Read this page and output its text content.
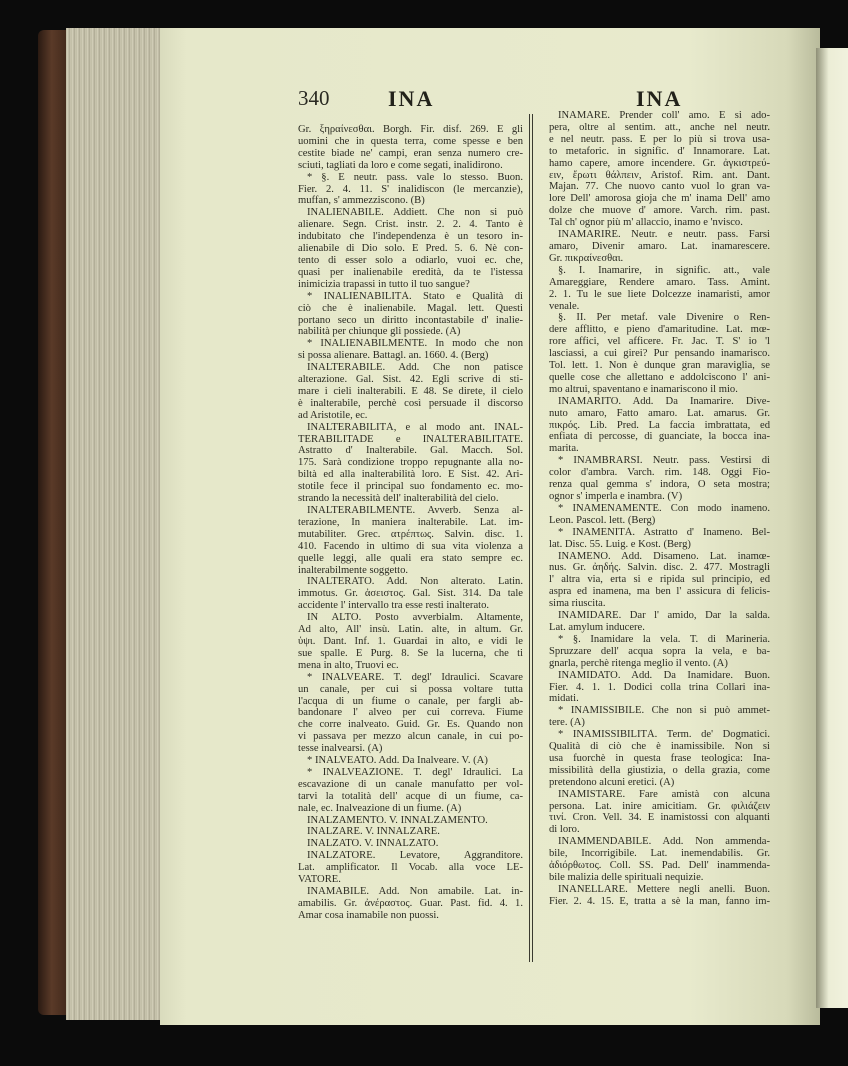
340	INA	INA
Gr. ξηραίνεσθαι. Borgh. Fir. disf. 269. E gli
uomini che in questa terra, come spesse e ben
cestite biade ne' campi, eran senza numero cre-
sciuti, tagliati da loro e come segati, inalidirono.
* §. E neutr. pass. vale lo stesso. Buon.
Fier. 2. 4. 11. S' inalidiscon (le mercanzie),
muffan, s' ammezziscono. (B)
INALIENABILE. Addiett. Che non si può
alienare. Segn. Crist. instr. 2. 2. 4. Tanto è
indubitato che l'independenza è un tesoro in-
alienabile di Dio solo. E Pred. 5. 6. Nè con-
tento di esser solo a odiarlo, vuoi ec. che,
quasi per inalienabile eredità, da te l'istessa
inimicizia trapassi in tutto il tuo sangue?
* INALIENABILITÀ. Stato e Qualità di
ciò che è inalienabile. Magal. lett. Questi
portano seco un diritto incontastabile d' inalie-
nabilità per chiunque gli possiede. (A)
* INALIENABILMENTE. In modo che non
si possa alienare. Battagl. an. 1660. 4. (Berg)
INALTERABILE. Add. Che non patisce
alterazione. Gal. Sist. 42. Egli scrive di sti-
mare i cieli inalterabili. E 48. Se direte, il cielo
è inalterabile, perchè così persuade il discorso
ad Aristotile, ec.
INALTERABILITÀ, e al modo ant. INAL-
TERABILITADE e INALTERABILITATE.
Astratto d' Inalterabile. Gal. Macch. Sol.
175. Sarà condizione troppo repugnante alla no-
biltà ed alla inalterabilità loro. E Sist. 42. Ari-
stotile fece il principal suo fondamento ec. mo-
strando la necessità dell' inalterabilità del cielo.
INALTERABILMENTE. Avverb. Senza al-
terazione, In maniera inalterabile. Lat. im-
mutabiliter. Grec. ατρέπτως. Salvin. disc. 1.
410. Facendo in ultimo di sua vita violenza a
quelle leggi, alle quali era stato sempre ec.
inalterabilmente soggetto.
INALTERATO. Add. Non alterato. Latin.
immotus. Gr. ἀσειστος. Gal. Sist. 314. Da tale
accidente l' intervallo tra esse resti inalterato.
IN ALTO. Posto avverbialm. Altamente,
Ad alto, All' insù. Latin. alte, in altum. Gr.
ὑψι. Dant. Inf. 1. Guardai in alto, e vidi le
sue spalle. E Purg. 8. Se la lucerna, che ti
mena in alto, Truovi ec.
* INALVEARE. T. degl' Idraulici. Scavare
un canale, per cui si possa voltare tutta
l'acqua di un fiume o canale, per fargli ab-
bandonare l' alveo per cui correva. Fiume
che corre inalveato. Guid. Gr. Es. Quando non
vi passava per mezzo alcun canale, in cui po-
tesse inalvearsi. (A)
* INALVEATO. Add. Da Inalveare. V. (A)
* INALVEAZIONE. T. degl' Idraulici. La
escavazione di un canale manufatto per vol-
tarvi la totalità dell' acque di un fiume, ca-
nale, ec. Inalveazione di un fiume. (A)
INALZAMENTO. V. INNALZAMENTO.
INALZARE. V. INNALZARE.
INALZATO. V. INNALZATO.
INALZATORE. Levatore, Aggranditore.
Lat. amplificator. Il Vocab. alla voce LE-
VATORE.
INAMABILE. Add. Non amabile. Lat. in-
amabilis. Gr. ἀνέραστος. Guar. Past. fid. 4. 1.
Amar cosa inamabile non puossi.
INAMARE. Prender coll' amo. E si ado-
pera, oltre al sentim. att., anche nel neutr.
e nel neutr. pass. E per lo più si trova usa-
to metaforic. in signific. d' Innamorare. Lat.
hamo capere, amore incendere. Gr. ἀγκιστρεύ-
ειν, ἔρωτι θάλπειν, Aristof. Rim. ant. Dant.
Majan. 77. Che nuovo canto vuol lo gran va-
lore Dell' amorosa gioja che m' inama Dell' amo
dolze che muove d' amore. Varch. rim. past.
Tal ch' ognor più m' allaccio, inamo e 'nvisco.
INAMARIRE. Neutr. e neutr. pass. Farsi
amaro, Divenir amaro. Lat. inamarescere.
Gr. πικραίνεσθαι.
§. I. Inamarire, in signific. att., vale
Amareggiare, Rendere amaro. Tass. Amint.
2. 1. Tu le sue liete Dolcezze inamaristi, amor
venale.
§. II. Per metaf. vale Divenire o Ren-
dere afflitto, e pieno d'amaritudine. Lat. mœ-
rore affici, vel afficere. Fr. Jac. T. S' io 'l
lasciassi, a cui girei? Pur pensando inamarisco.
Tol. lett. 1. Non è dunque gran maraviglia, se
quelle cose che allettano e addolciscono l' ani-
mo altrui, spaventano e inamariscono il mio.
INAMARITO. Add. Da Inamarire. Dive-
nuto amaro, Fatto amaro. Lat. amarus. Gr.
πικρός. Lib. Pred. La faccia imbrattata, ed
enfiata di percosse, di guanciate, la bocca ina-
marita.
* INAMBRARSI. Neutr. pass. Vestirsi di
color d'ambra. Varch. rim. 148. Oggi Fio-
renza qual gemma s' indora, O seta mostra;
ognor s' imperla e inambra. (V)
* INAMENAMENTE. Con modo inameno.
Leon. Pascol. lett. (Berg)
* INAMENITÀ. Astratto d' Inameno. Bel-
lat. Disc. 55. Luig. e Kost. (Berg)
INAMENO. Add. Disameno. Lat. inamœ-
nus. Gr. ἀηδής. Salvin. disc. 2. 477. Mostragli
l' altra via, erta si e ripida sul principio, ed
aspra ed inamena, ma ben l' assicura di felicis-
sima riuscita.
INAMIDARE. Dar l' amido, Dar la salda.
Lat. amylum inducere.
* §. Inamidare la vela. T. di Marineria.
Spruzzare dell' acqua sopra la vela, e ba-
gnarla, perchè ritenga meglio il vento. (A)
INAMIDATO. Add. Da Inamidare. Buon.
Fier. 4. 1. 1. Dodici colla trina Collari ina-
midati.
* INAMISSIBILE. Che non si può ammet-
tere. (A)
* INAMISSIBILITÀ. Term. de' Dogmatici.
Qualità di ciò che è inamissibile. Non si
usa fuorchè in questa frase teologica: Ina-
missibilità della giustizia, o della grazia, come
pretendono alcuni eretici. (A)
INAMISTARE. Fare amistà con alcuna
persona. Lat. inire amicitiam. Gr. φιλιάζειν
τινί. Cron. Vell. 34. E inamistossi con alquanti
di loro.
INAMMENDABILE. Add. Non ammenda-
bile, Incorrigibile. Lat. inemendabilis. Gr.
ἀδιόρθωτος. Coll. SS. Pad. Dell' inammenda-
bile malizia delle spirituali nequizie.
INANELLARE. Mettere negli anelli. Buon.
Fier. 2. 4. 15. E, tratta a sè la man, fanno im-
